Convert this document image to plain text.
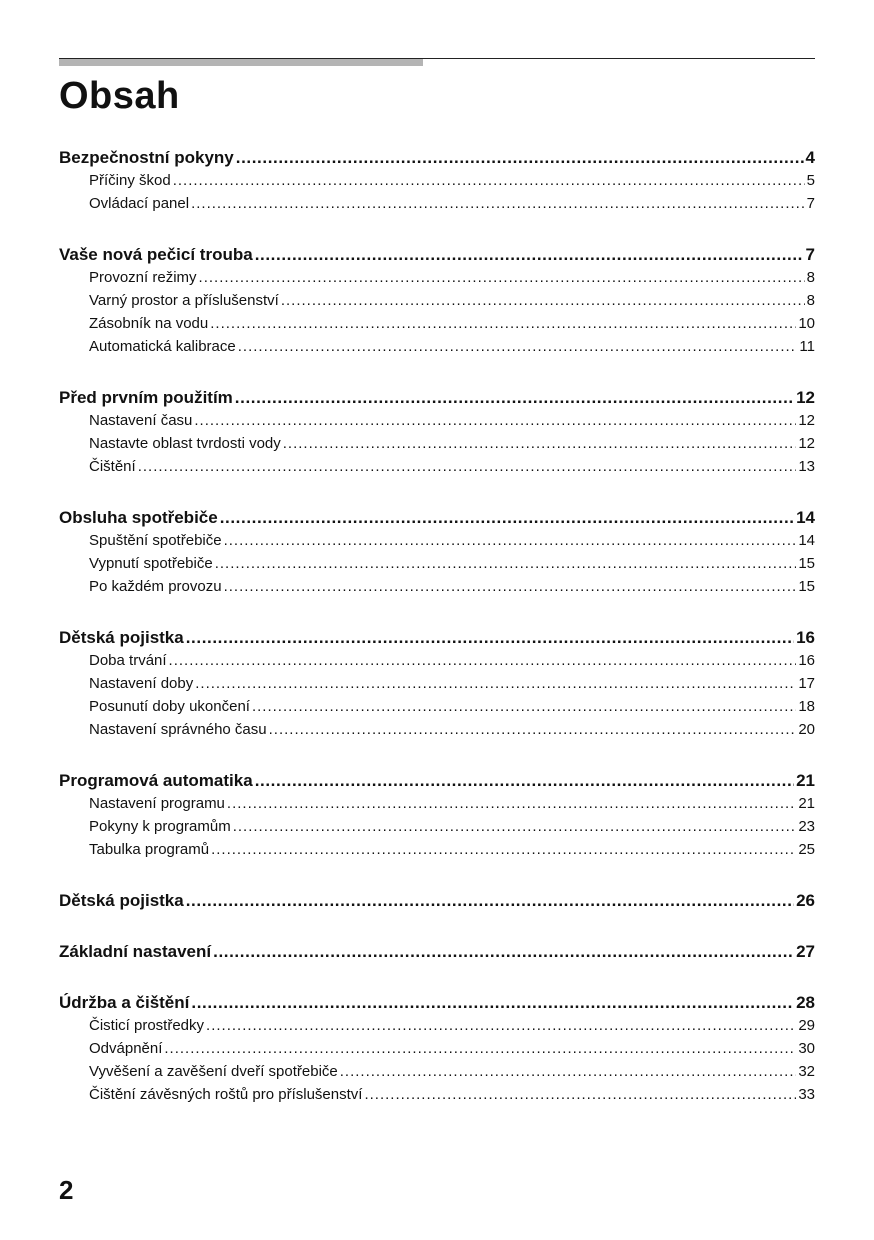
Obsah
Bezpečnostní pokyny .....	4
Příčiny škod .....	5
Ovládací panel .....	7
Vaše nová pečicí trouba .....	7
Provozní režimy .....	8
Varný prostor a příslušenství .....	8
Zásobník na vodu .....	10
Automatická kalibrace .....	11
Před prvním použitím .....	12
Nastavení času .....	12
Nastavte oblast tvrdosti vody .....	12
Čištění .....	13
Obsluha spotřebiče .....	14
Spuštění spotřebiče .....	14
Vypnutí spotřebiče .....	15
Po každém provozu .....	15
Dětská pojistka .....	16
Doba trvání .....	16
Nastavení doby .....	17
Posunutí doby ukončení .....	18
Nastavení správného času .....	20
Programová automatika .....	21
Nastavení programu .....	21
Pokyny k programům .....	23
Tabulka programů .....	25
Dětská pojistka .....	26
Základní nastavení .....	27
Údržba a čištění .....	28
Čisticí prostředky .....	29
Odvápnění .....	30
Vyvěšení a zavěšení dveří spotřebiče .....	32
Čištění závěsných roštů pro příslušenství .....	33

2
